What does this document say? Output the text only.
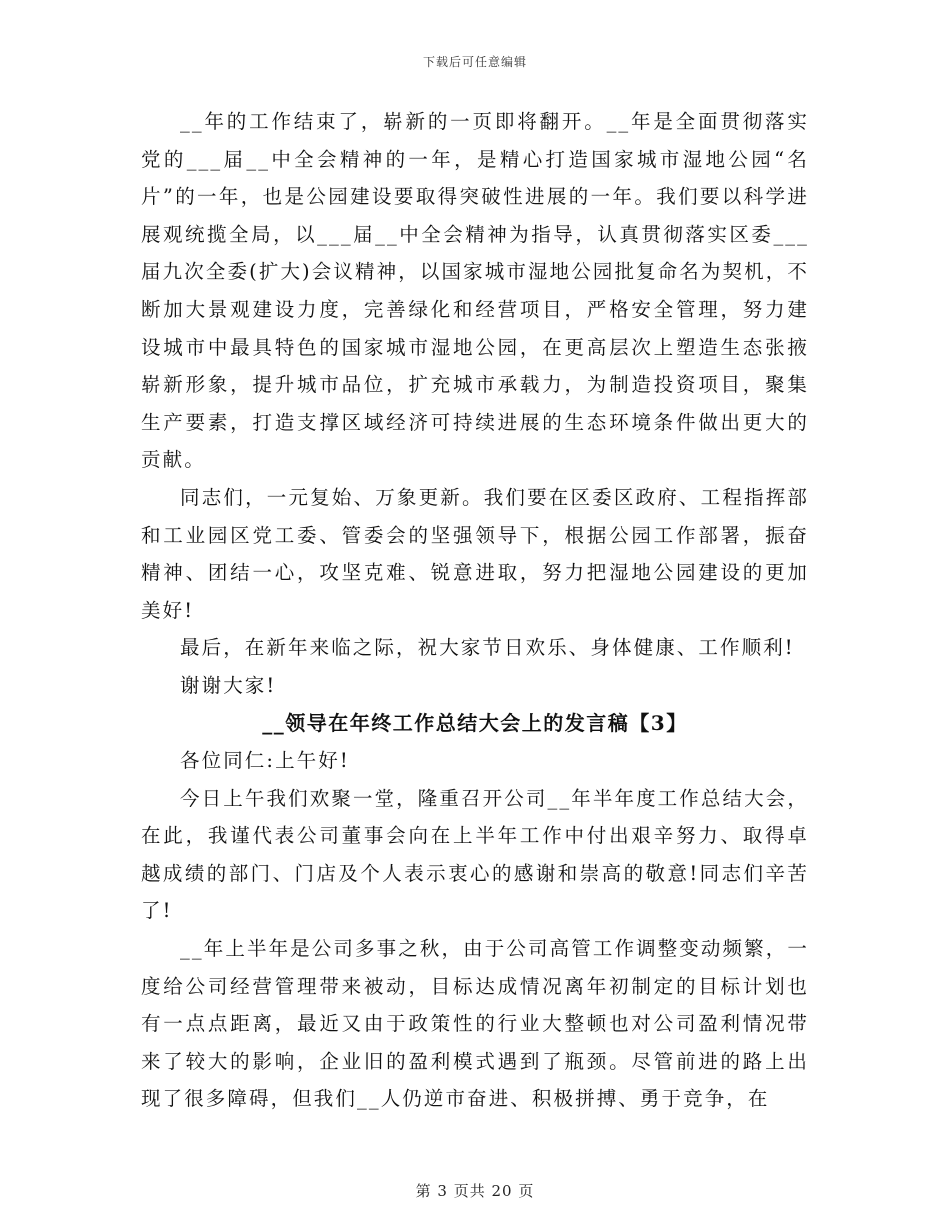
下载后可任意编辑

__年的工作结束了，崭新的一页即将翻开。__年是全面贯彻落实党的___届__中全会精神的一年，是精心打造国家城市湿地公园“名片”的一年，也是公园建设要取得突破性进展的一年。我们要以科学进展观统揽全局，以___届__中全会精神为指导，认真贯彻落实区委___届九次全委(扩大)会议精神，以国家城市湿地公园批复命名为契机，不断加大景观建设力度，完善绿化和经营项目，严格安全管理，努力建设城市中最具特色的国家城市湿地公园，在更高层次上塑造生态张掖崭新形象，提升城市品位，扩充城市承载力，为制造投资项目，聚集生产要素，打造支撑区域经济可持续进展的生态环境条件做出更大的贡献。

同志们，一元复始、万象更新。我们要在区委区政府、工程指挥部和工业园区党工委、管委会的坚强领导下，根据公园工作部署，振奋精神、团结一心，攻坚克难、锐意进取，努力把湿地公园建设的更加美好!

最后，在新年来临之际，祝大家节日欢乐、身体健康、工作顺利!

谢谢大家!

__领导在年终工作总结大会上的发言稿【3】

各位同仁:上午好!

今日上午我们欢聚一堂，隆重召开公司__年半年度工作总结大会，在此，我谨代表公司董事会向在上半年工作中付出艰辛努力、取得卓越成绩的部门、门店及个人表示衷心的感谢和崇高的敬意!同志们辛苦了!

__年上半年是公司多事之秋，由于公司高管工作调整变动频繁，一度给公司经营管理带来被动，目标达成情况离年初制定的目标计划也有一点点距离，最近又由于政策性的行业大整顿也对公司盈利情况带来了较大的影响，企业旧的盈利模式遇到了瓶颈。尽管前进的路上出现了很多障碍，但我们__人仍逆市奋进、积极拼搏、勇于竞争，在

第 3 页共 20 页
